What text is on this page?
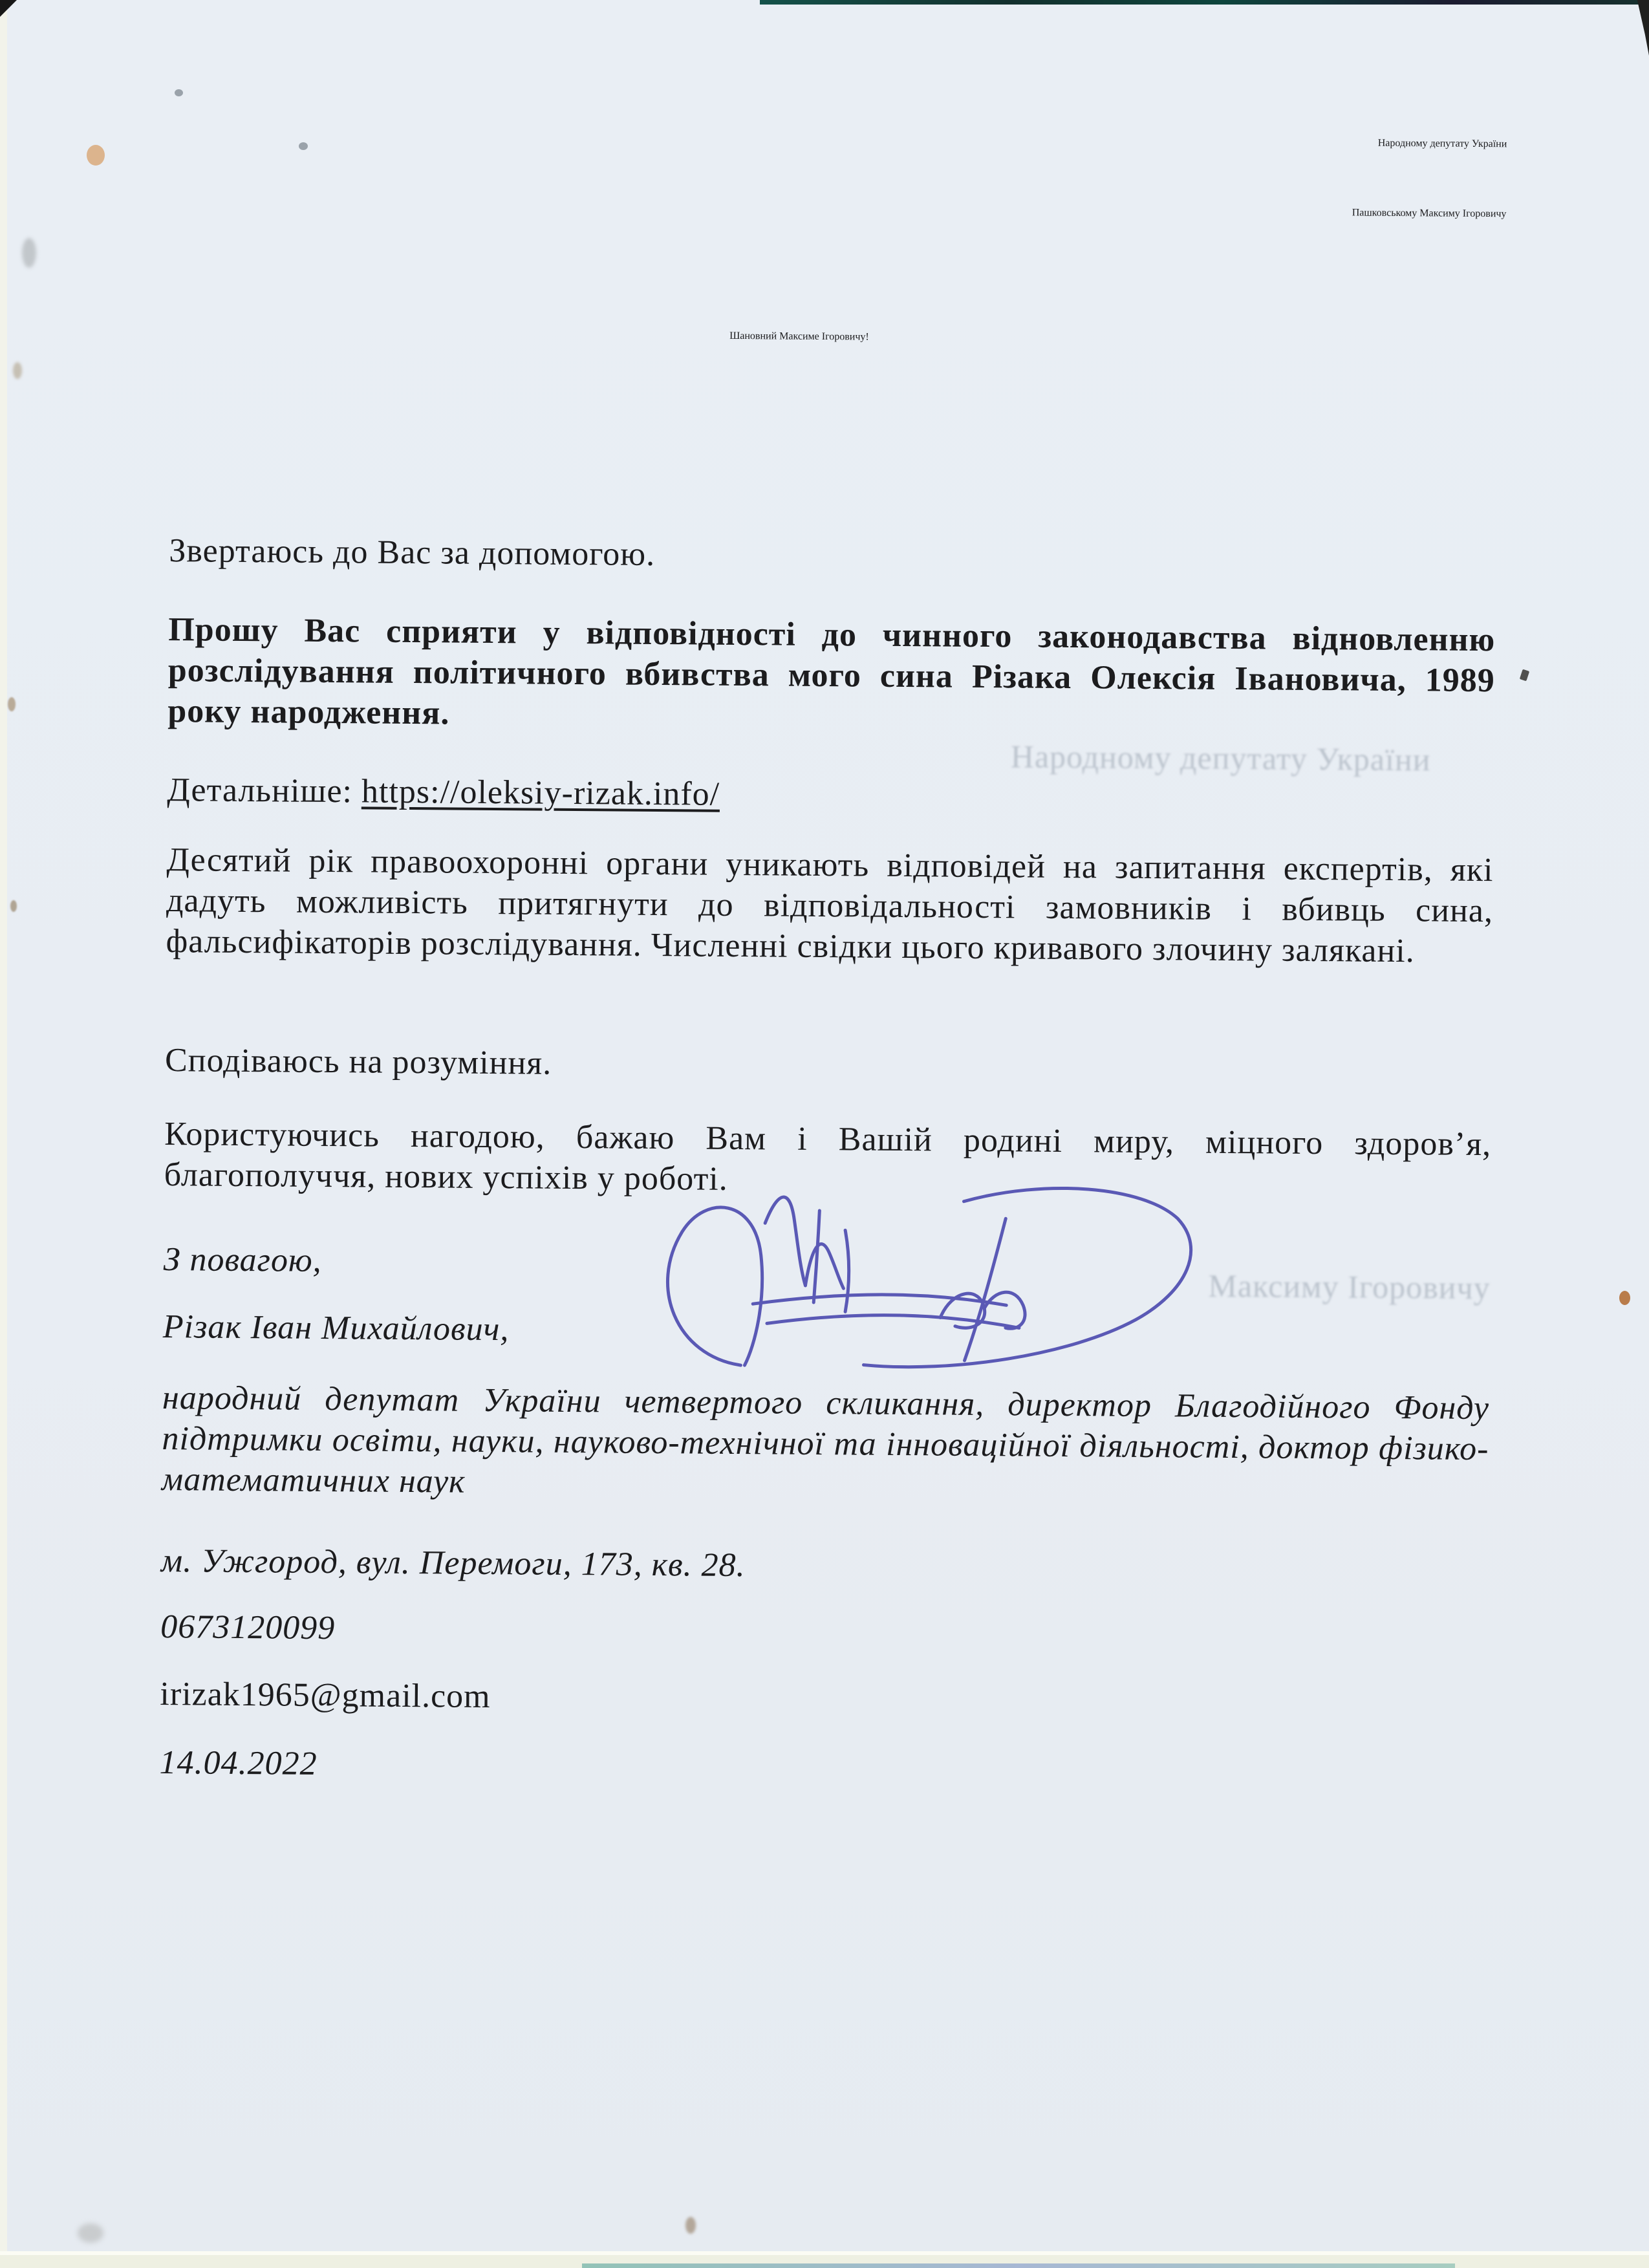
Народному депутату України
Пашковському Максиму Ігоровичу
Шановний Максиме Ігоровичу!
Народному депутату України
Максиму Ігоровичу
Звертаюсь до Вас за допомогою.
Прошу Вас сприяти у відповідності до чинного законодавства відновленню розслідування політичного вбивства мого сина Різака Олексія Івановича, 1989 року народження.
Детальніше: https://oleksiy-rizak.info/
Десятий рік правоохоронні органи уникають відповідей на запитання експертів, які дадуть можливість притягнути до відповідальності замовників і вбивць сина, фальсифікаторів розслідування. Численні свідки цього кривавого злочину залякані.
Сподіваюсь на розуміння.
Користуючись нагодою, бажаю Вам і Вашій родині миру, міцного здоров’я, благополуччя, нових успіхів у роботі.
З повагою,
Різак Іван Михайлович,
народний депутат України четвертого скликання, директор Благодійного Фонду підтримки освіти, науки, науково-технічної та інноваційної діяльності, доктор фізико-математичних наук
м. Ужгород, вул. Перемоги, 173, кв. 28.
0673120099
irizak1965@gmail.com
14.04.2022
